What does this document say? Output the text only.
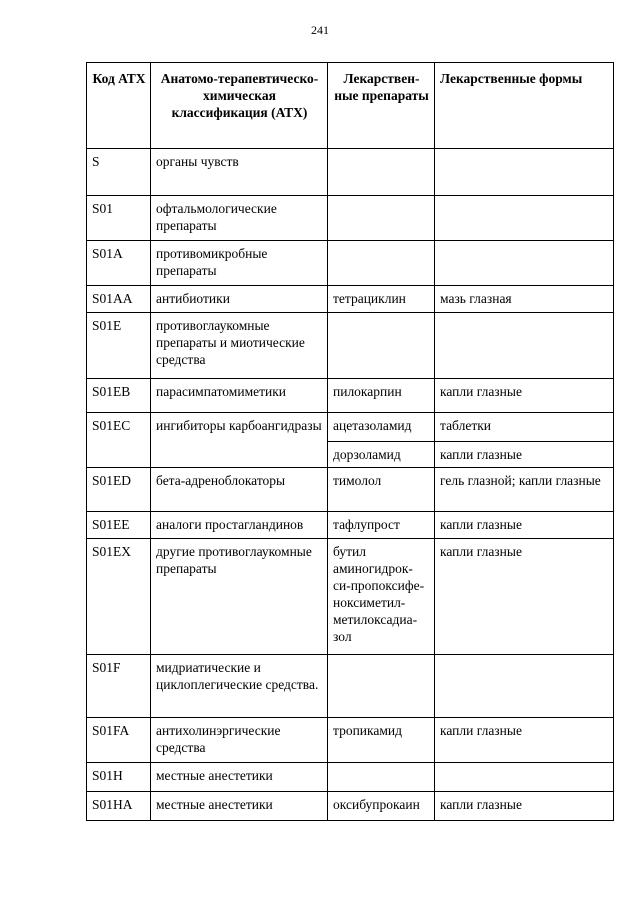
241
Код АТХ	Анатомо-терапевтическо-химическая классификация (АТХ)	Лекарствен-ные препараты	Лекарственные формы
S	органы чувств		
S01	офтальмологические препараты		
S01A	противомикробные препараты		
S01AA	антибиотики	тетрациклин	мазь глазная
S01E	противоглаукомные препараты и миотические средства		
S01EB	парасимпатомиметики	пилокарпин	капли глазные
S01EC	ингибиторы карбоангидразы	ацетазоламид	таблетки
		дорзоламид	капли глазные
S01ED	бета-адреноблокаторы	тимолол	гель глазной; капли глазные
S01EE	аналоги простагландинов	тафлупрост	капли глазные
S01EX	другие противоглаукомные препараты	бутил аминогидрок-си-пропоксифе-ноксиметил-метилоксадиа-зол	капли глазные
S01F	мидриатические и циклоплегические средства.		
S01FA	антихолинэргические средства	тропикамид	капли глазные
S01H	местные анестетики		
S01HA	местные анестетики	оксибупрокаин	капли глазные
